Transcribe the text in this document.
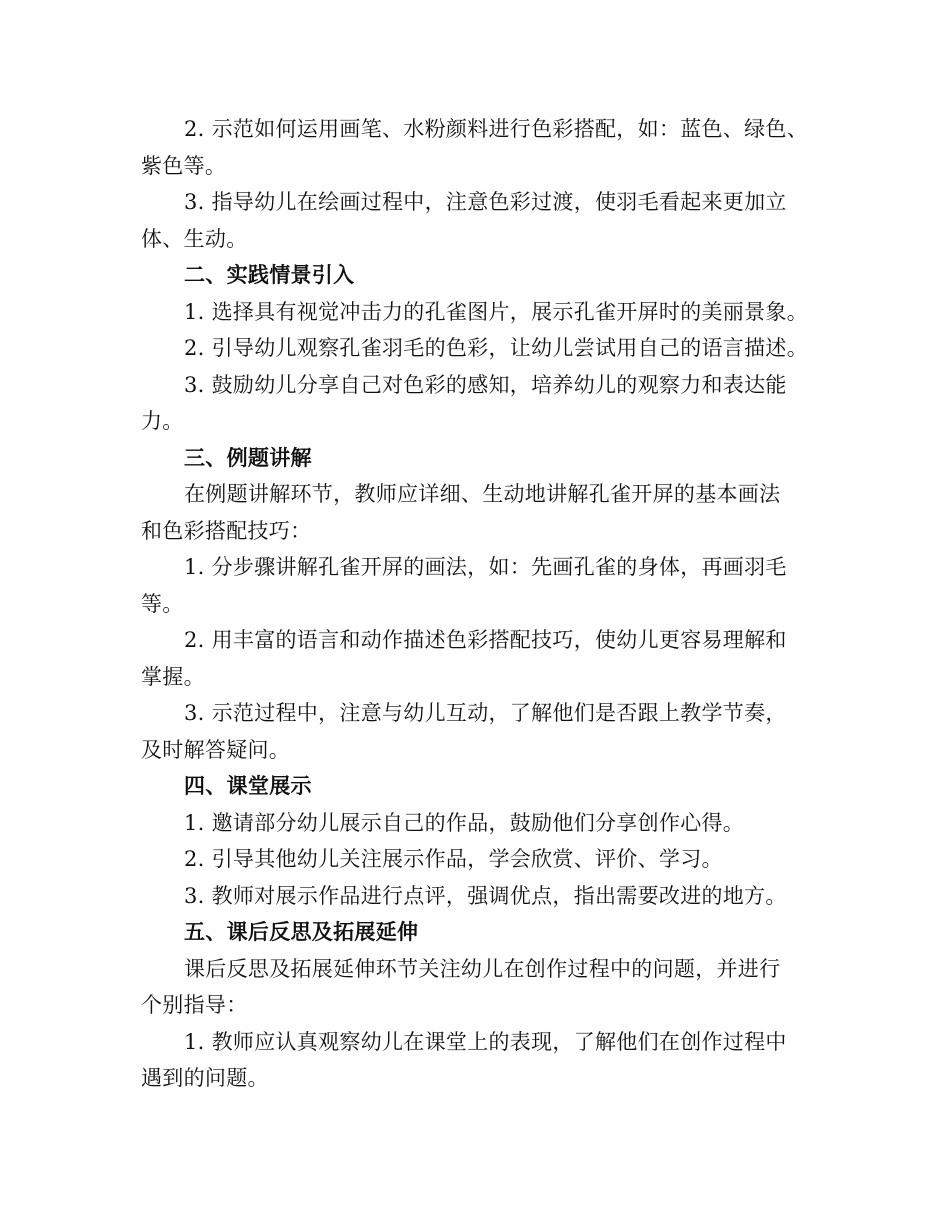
2. 示范如何运用画笔、水粉颜料进行色彩搭配，如：蓝色、绿色、
紫色等。
3. 指导幼儿在绘画过程中，注意色彩过渡，使羽毛看起来更加立
体、生动。
二、实践情景引入
1. 选择具有视觉冲击力的孔雀图片，展示孔雀开屏时的美丽景象。
2. 引导幼儿观察孔雀羽毛的色彩，让幼儿尝试用自己的语言描述。
3. 鼓励幼儿分享自己对色彩的感知，培养幼儿的观察力和表达能
力。
三、例题讲解
在例题讲解环节，教师应详细、生动地讲解孔雀开屏的基本画法
和色彩搭配技巧：
1. 分步骤讲解孔雀开屏的画法，如：先画孔雀的身体，再画羽毛
等。
2. 用丰富的语言和动作描述色彩搭配技巧，使幼儿更容易理解和
掌握。
3. 示范过程中，注意与幼儿互动，了解他们是否跟上教学节奏，
及时解答疑问。
四、课堂展示
1. 邀请部分幼儿展示自己的作品，鼓励他们分享创作心得。
2. 引导其他幼儿关注展示作品，学会欣赏、评价、学习。
3. 教师对展示作品进行点评，强调优点，指出需要改进的地方。
五、课后反思及拓展延伸
课后反思及拓展延伸环节关注幼儿在创作过程中的问题，并进行
个别指导：
1. 教师应认真观察幼儿在课堂上的表现，了解他们在创作过程中
遇到的问题。
